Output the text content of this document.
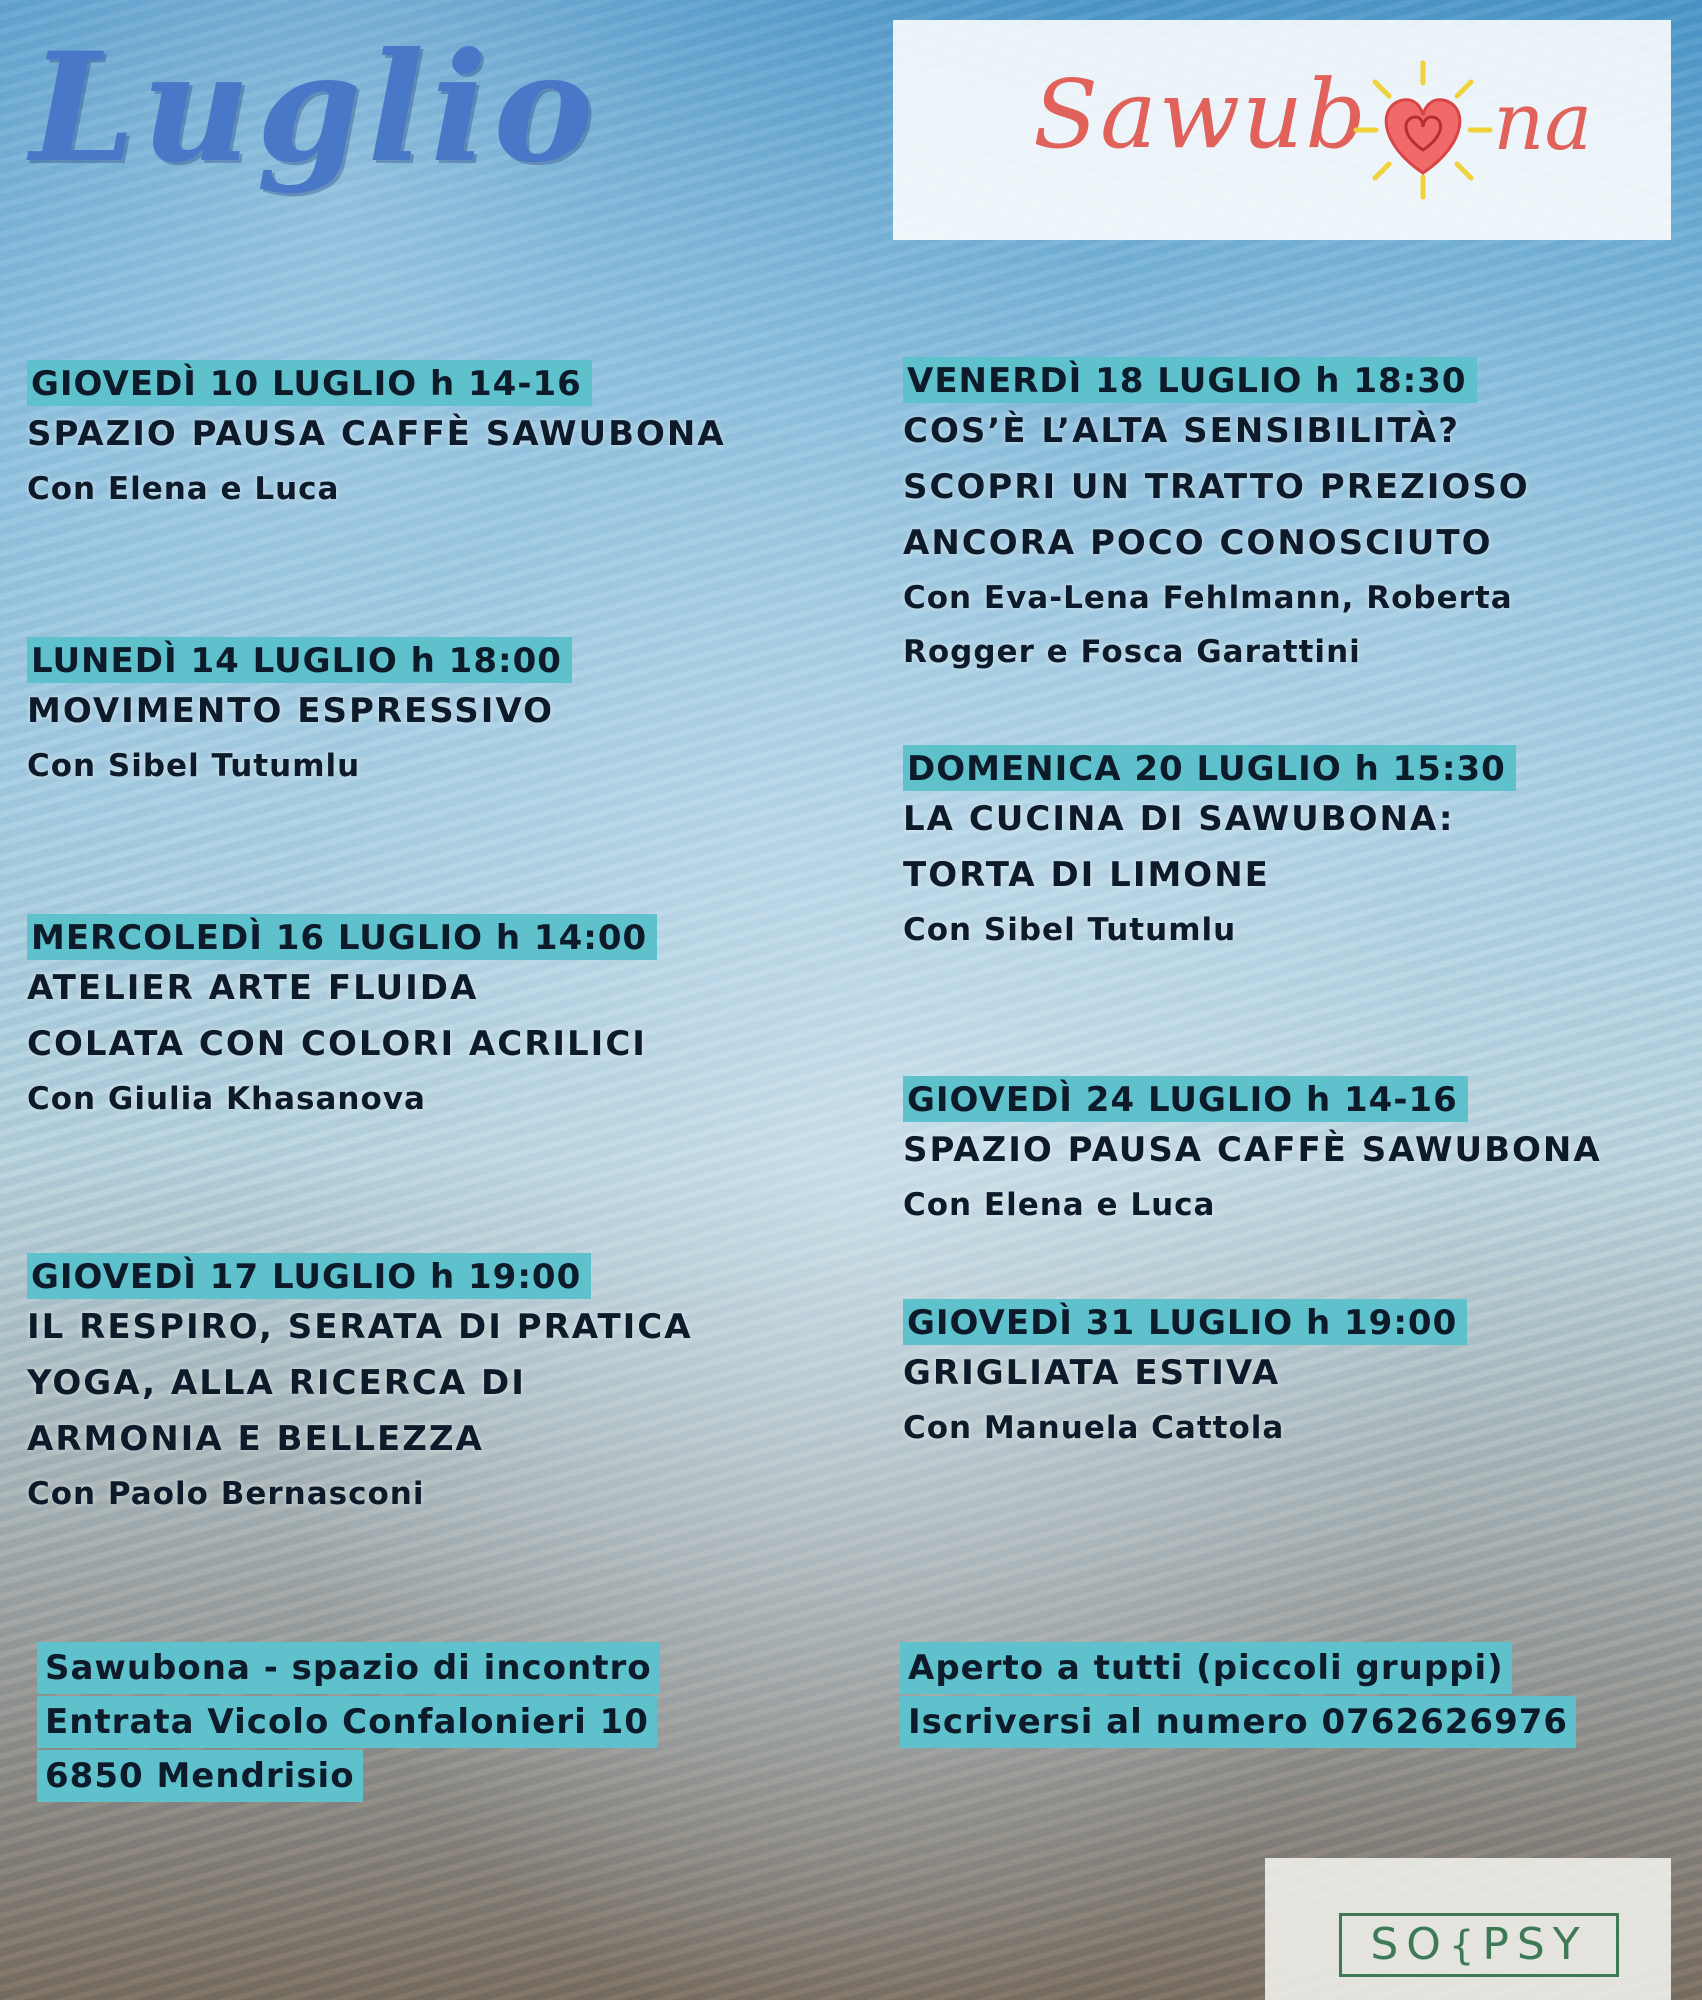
Luglio	Sawub na
GIOVEDÌ 10 LUGLIO h 14-16
SPAZIO PAUSA CAFFÈ SAWUBONA
Con Elena e Luca
LUNEDÌ 14 LUGLIO h 18:00
MOVIMENTO ESPRESSIVO
Con Sibel Tutumlu
MERCOLEDÌ 16 LUGLIO h 14:00
ATELIER ARTE FLUIDA
COLATA CON COLORI ACRILICI
Con Giulia Khasanova
GIOVEDÌ 17 LUGLIO h 19:00
IL RESPIRO, SERATA DI PRATICA
YOGA, ALLA RICERCA DI
ARMONIA E BELLEZZA
Con Paolo Bernasconi
VENERDÌ 18 LUGLIO h 18:30
COS’È L’ALTA SENSIBILITÀ?
SCOPRI UN TRATTO PREZIOSO
ANCORA POCO CONOSCIUTO
Con Eva-Lena Fehlmann, Roberta
Rogger e Fosca Garattini
DOMENICA 20 LUGLIO h 15:30
LA CUCINA DI SAWUBONA:
TORTA DI LIMONE
Con Sibel Tutumlu
GIOVEDÌ 24 LUGLIO h 14-16
SPAZIO PAUSA CAFFÈ SAWUBONA
Con Elena e Luca
GIOVEDÌ 31 LUGLIO h 19:00
GRIGLIATA ESTIVA
Con Manuela Cattola
Sawubona - spazio di incontro
Entrata Vicolo Confalonieri 10
6850 Mendrisio
Aperto a tutti (piccoli gruppi)
Iscriversi al numero 0762626976
SO{PSY
